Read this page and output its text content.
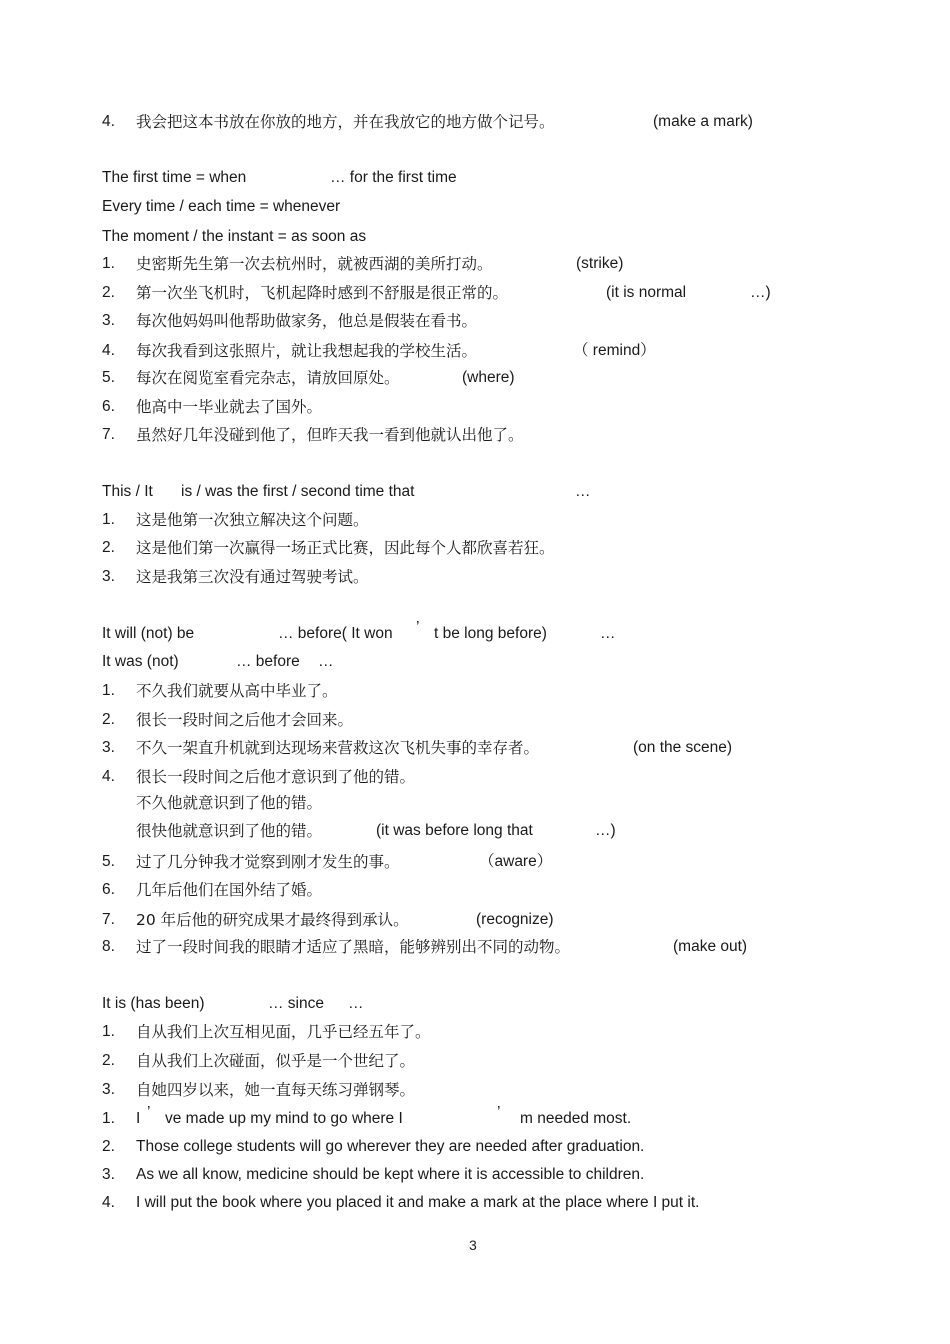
4. 我会把这本书放在你放的地方，并在我放它的地方做个记号。	(make a mark)
The first time = when	… for the first time
Every time / each time = whenever
The moment / the instant = as soon as
1. 史密斯先生第一次去杭州时，就被西湖的美所打动。	(strike)
2. 第一次坐飞机时，飞机起降时感到不舒服是很正常的。	(it is normal	…)
3. 每次他妈妈叫他帮助做家务，他总是假装在看书。
4. 每次我看到这张照片，就让我想起我的学校生活。	（ remind）
5. 每次在阅览室看完杂志，请放回原处。	(where)
6. 他高中一毕业就去了国外。
7. 虽然好几年没碰到他了，但昨天我一看到他就认出他了。
This / It is / was the first / second time that	…
1. 这是他第一次独立解决这个问题。
2. 这是他们第一次赢得一场正式比赛，因此每个人都欣喜若狂。
3. 这是我第三次没有通过驾驶考试。
It will (not) be	… before( It won ’ t be long before)	…
It was (not)	… before …
1. 不久我们就要从高中毕业了。
2. 很长一段时间之后他才会回来。
3. 不久一架直升机就到达现场来营救这次飞机失事的幸存者。	(on the scene)
4. 很长一段时间之后他才意识到了他的错。
不久他就意识到了他的错。
很快他就意识到了他的错。	(it was before long that	…)
5. 过了几分钟我才觉察到刚才发生的事。	（aware）
6. 几年后他们在国外结了婚。
7. 20 年后他的研究成果才最终得到承认。	(recognize)
8. 过了一段时间我的眼睛才适应了黑暗，能够辨别出不同的动物。	(make out)
It is (has been)	… since …
1. 自从我们上次互相见面，几乎已经五年了。
2. 自从我们上次碰面，似乎是一个世纪了。
3. 自她四岁以来，她一直每天练习弹钢琴。
1. I ’ ve made up my mind to go where I	’ m needed most.
2. Those college students will go wherever they are needed after graduation.
3. As we all know, medicine should be kept where it is accessible to children.
4. I will put the book where you placed it and make a mark at the place where I put it.
3
